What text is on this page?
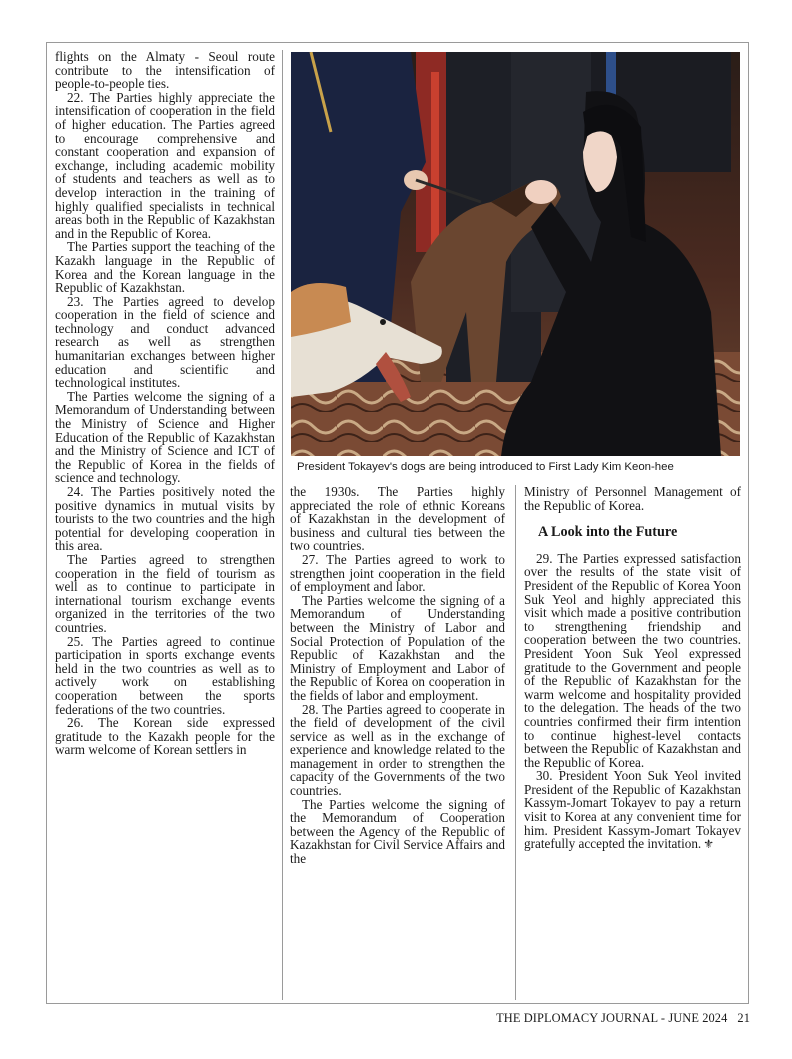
flights on the Almaty - Seoul route contribute to the intensification of people-to-people ties.

22. The Parties highly appreciate the intensification of cooperation in the field of higher education. The Parties agreed to encourage comprehensive and constant cooperation and expansion of exchange, including academic mobility of students and teachers as well as to develop interaction in the training of highly qualified specialists in technical areas both in the Republic of Kazakhstan and in the Republic of Korea.

The Parties support the teaching of the Kazakh language in the Republic of Korea and the Korean language in the Republic of Kazakhstan.

23. The Parties agreed to develop cooperation in the field of science and technology and conduct advanced research as well as strengthen humanitarian exchanges between higher education and scientific and technological institutes.

The Parties welcome the signing of a Memorandum of Understanding between the Ministry of Science and Higher Education of the Republic of Kazakhstan and the Ministry of Science and ICT of the Republic of Korea in the fields of science and technology.

24. The Parties positively noted the positive dynamics in mutual visits by tourists to the two countries and the high potential for developing cooperation in this area.

The Parties agreed to strengthen cooperation in the field of tourism as well as to continue to participate in international tourism exchange events organized in the territories of the two countries.

25. The Parties agreed to continue participation in sports exchange events held in the two countries as well as to actively work on establishing cooperation between the sports federations of the two countries.

26. The Korean side expressed gratitude to the Kazakh people for the warm welcome of Korean settlers in

President Tokayev's dogs are being introduced to First Lady Kim Keon-hee

the 1930s. The Parties highly appreciated the role of ethnic Koreans of Kazakhstan in the development of business and cultural ties between the two countries.

27. The Parties agreed to work to strengthen joint cooperation in the field of employment and labor.

The Parties welcome the signing of a Memorandum of Understanding between the Ministry of Labor and Social Protection of Population of the Republic of Kazakhstan and the Ministry of Employment and Labor of the Republic of Korea on cooperation in the fields of labor and employment.

28. The Parties agreed to cooperate in the field of development of the civil service as well as in the exchange of experience and knowledge related to the management in order to strengthen the capacity of the Governments of the two countries.

The Parties welcome the signing of the Memorandum of Cooperation between the Agency of the Republic of Kazakhstan for Civil Service Affairs and the

Ministry of Personnel Management of the Republic of Korea.

A Look into the Future

29. The Parties expressed satisfaction over the results of the state visit of President of the Republic of Korea Yoon Suk Yeol and highly appreciated this visit which made a positive contribution to strengthening friendship and cooperation between the two countries. President Yoon Suk Yeol expressed gratitude to the Government and people of the Republic of Kazakhstan for the warm welcome and hospitality provided to the delegation. The heads of the two countries confirmed their firm intention to continue highest-level contacts between the Republic of Kazakhstan and the Republic of Korea.

30. President Yoon Suk Yeol invited President of the Republic of Kazakhstan Kassym-Jomart Tokayev to pay a return visit to Korea at any convenient time for him. President Kassym-Jomart Tokayev gratefully accepted the invitation. ⚜

THE DIPLOMACY JOURNAL - JUNE 2024 21
